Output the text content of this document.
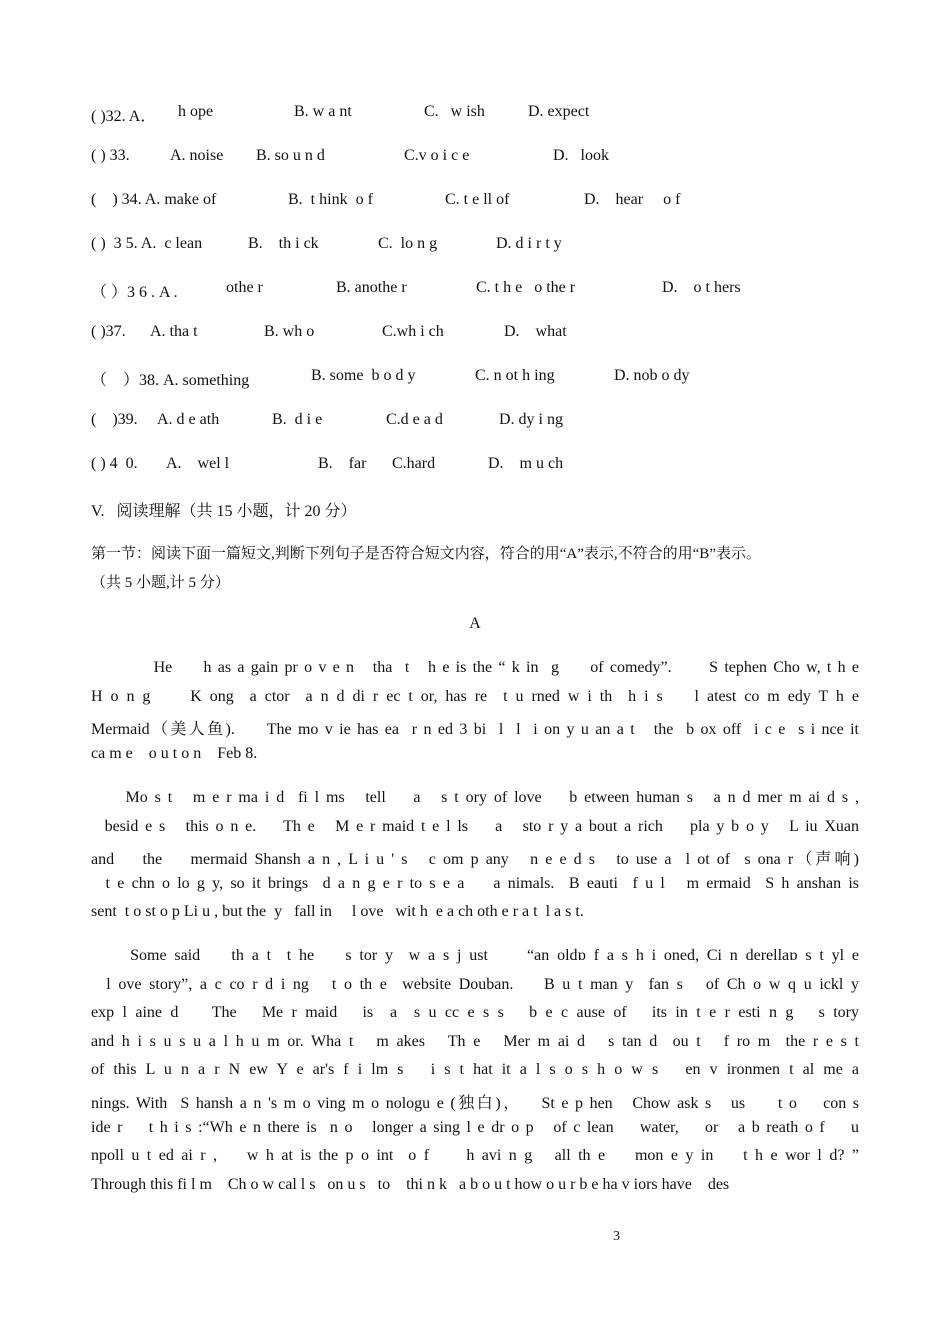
( )32. A． h ope	B. w a nt	C.   w ish	D. expect
( ) 33.	A. noise B. so u n d	C.v o i c e	D.   look
(    ) 34. A. make of	B.  t hink  o f	C. t e ll of	D.    hear     o f
( )  3 5. A.  c lean	B.    th i ck	C.  lo n g	D. d i r t y
（ ）3 6 . A .	othe r	B. anothe r	C. t h e   o the r	D.    o t hers
( )37. A. tha t	B. wh o	C.wh i ch	D.    what
（    ）38. A. something	B. some  b o d y	C. n ot h ing	D. nob o dy
(    )39. A. d e ath	B.  d i e	C.d e a d	D. dy i ng
( ) 4  0. A.    wel l	B.    far C.hard	D.    m u ch
V.   阅读理解（共 15 小题，计 20 分）
第一节：阅读下面一篇短文,判断下列句子是否符合短文内容，符合的用“A”表示,不符合的用“B”表示。
（共 5 小题,计 5 分）
A
He     h as a gain pr o v e n   tha  t   h e is the “ k in  g     of comedy”.      S tephen Cho w, t h e
H o n g     K ong  a ctor  a n d di r ec t or, has re  t u rned w i th  h i s    l atest co m edy T h e
Mermaid（美人鱼).     The mo v ie has ea  r n ed 3 bi  l  l  i on y u an a t   the  b ox off  i c e  s i nce it
ca m e    o u t o n    Feb 8.
Mo s t   m e r ma i d  fi l ms   tell    a   s t ory of love    b etween human s   a n d mer m ai d s ,
besid e s   this o n e.    Th e   M e r maid t e l ls    a   sto r y a bout a rich    pla y b o y   L iu Xuan
and    the    mermaid Shansh a n , L i u ' s   c om p any   n e e d s   to use a  l ot of  s ona r（声响)
t e chn o lo g y, so it brings  d a n g e r to s e a    a nimals.  B eauti  f u l   m ermaid  S h anshan is
sent  t o st o p Li u , but the  y   fall in     l ove   wit h  e a ch oth e r a t  l a s t.
Some said    th a t  t he    s tor y  w a s j ust     “an oldɒ f a s h i oned, Ci n derellaɒ s t yl e
l ove story”, a c co r d i ng   t o th e  website Douban.    B u t man y  fan s   of Ch o w q u ickl y
exp l aine d    The   Me r maid   is  a  s u cc e s s   b e c ause of   its in t e r esti n g   s tory
and h i s u s u a l h u m or. Wha t   m akes   Th e   Mer m ai d   s tan d  ou t   f ro m  the r e s t
of this L u n a r N ew Y e ar's f i lm s   i s t hat it a l s o s h o w s   en v ironmen t al me a
nings. With  S hansh a n 's m o ving m o nologu e (独白)，   St e p hen   Chow ask s   us     t o    con s
ide r    t h i s :“Wh e n there is  n o   longer a sing l e dr o p   of c lean    water,    or   a b reath o f    u
npoll u t ed ai r ,    w h at is the p o int  o f     h avi n g   all th e    mon e y in    t h e wor l d? ”
Through this fi l m    Ch o w cal l s   on u s   to    thi n k   a b o u t how o u r b e ha v iors have    des
3
